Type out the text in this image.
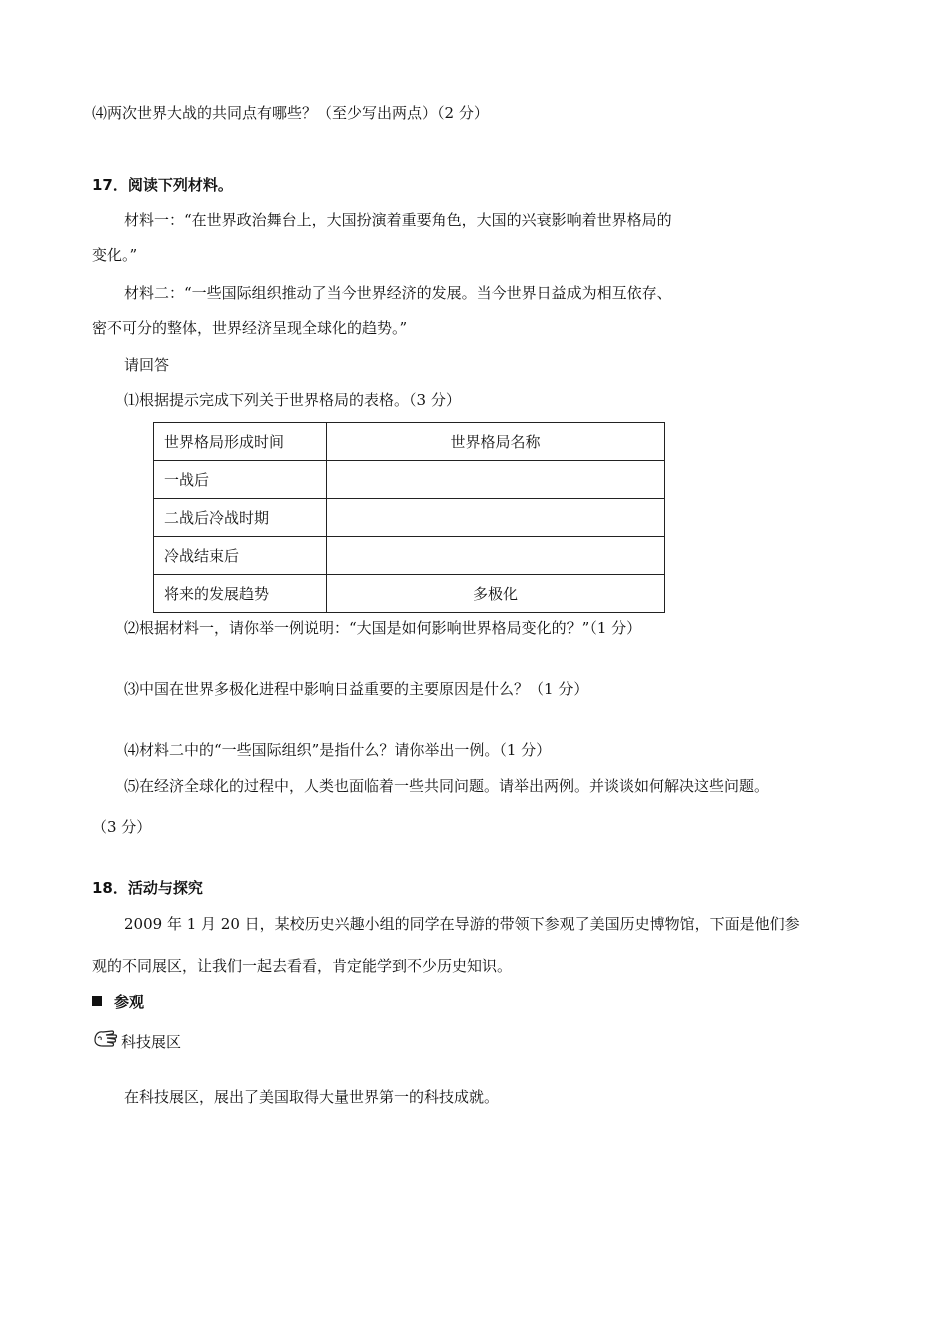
⑷两次世界大战的共同点有哪些？（至少写出两点）（2 分）
17．阅读下列材料。
材料一：“在世界政治舞台上，大国扮演着重要角色，大国的兴衰影响着世界格局的
变化。”
材料二：“一些国际组织推动了当今世界经济的发展。当今世界日益成为相互依存、
密不可分的整体，世界经济呈现全球化的趋势。”
请回答
⑴根据提示完成下列关于世界格局的表格。（3 分）
世界格局形成时间	世界格局名称
一战后	
二战后冷战时期	
冷战结束后	
将来的发展趋势	多极化
⑵根据材料一，请你举一例说明：“大国是如何影响世界格局变化的？”（1 分）
⑶中国在世界多极化进程中影响日益重要的主要原因是什么？（1 分）
⑷材料二中的“一些国际组织”是指什么？请你举出一例。（1 分）
⑸在经济全球化的过程中，人类也面临着一些共同问题。请举出两例。并谈谈如何解决这些问题。
（3 分）
18．活动与探究
2009 年 1 月 20 日，某校历史兴趣小组的同学在导游的带领下参观了美国历史博物馆，下面是他们参
观的不同展区，让我们一起去看看，肯定能学到不少历史知识。
参观
科技展区
在科技展区，展出了美国取得大量世界第一的科技成就。
